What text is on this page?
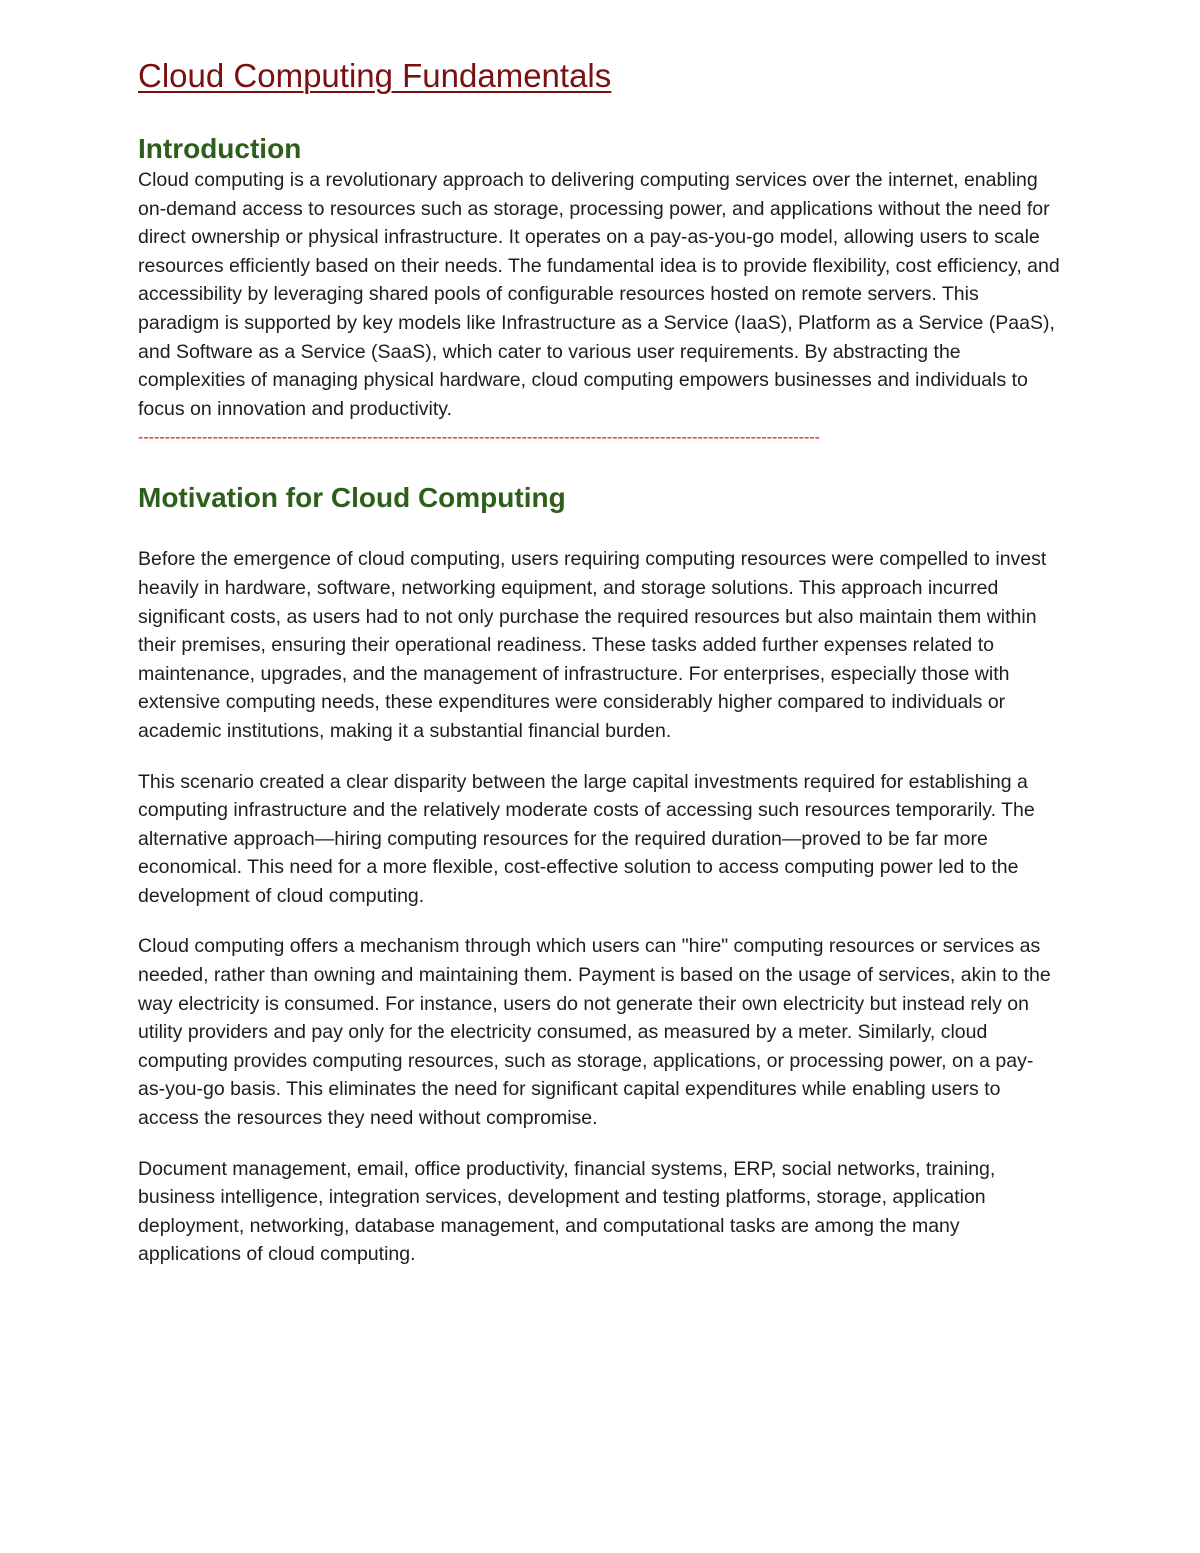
Cloud Computing Fundamentals
Introduction

Cloud computing is a revolutionary approach to delivering computing services over the internet, enabling on-demand access to resources such as storage, processing power, and applications without the need for direct ownership or physical infrastructure. It operates on a pay-as-you-go model, allowing users to scale resources efficiently based on their needs. The fundamental idea is to provide flexibility, cost efficiency, and accessibility by leveraging shared pools of configurable resources hosted on remote servers. This paradigm is supported by key models like Infrastructure as a Service (IaaS), Platform as a Service (PaaS), and Software as a Service (SaaS), which cater to various user requirements. By abstracting the complexities of managing physical hardware, cloud computing empowers businesses and individuals to focus on innovation and productivity.

--------------------------------------------------------------------------------------------------------------------------------
Motivation for Cloud Computing

Before the emergence of cloud computing, users requiring computing resources were compelled to invest heavily in hardware, software, networking equipment, and storage solutions. This approach incurred significant costs, as users had to not only purchase the required resources but also maintain them within their premises, ensuring their operational readiness. These tasks added further expenses related to maintenance, upgrades, and the management of infrastructure. For enterprises, especially those with extensive computing needs, these expenditures were considerably higher compared to individuals or academic institutions, making it a substantial financial burden.

This scenario created a clear disparity between the large capital investments required for establishing a computing infrastructure and the relatively moderate costs of accessing such resources temporarily. The alternative approach—hiring computing resources for the required duration—proved to be far more economical. This need for a more flexible, cost-effective solution to access computing power led to the development of cloud computing.

Cloud computing offers a mechanism through which users can "hire" computing resources or services as needed, rather than owning and maintaining them. Payment is based on the usage of services, akin to the way electricity is consumed. For instance, users do not generate their own electricity but instead rely on utility providers and pay only for the electricity consumed, as measured by a meter. Similarly, cloud computing provides computing resources, such as storage, applications, or processing power, on a pay-as-you-go basis. This eliminates the need for significant capital expenditures while enabling users to access the resources they need without compromise.

Document management, email, office productivity, financial systems, ERP, social networks, training, business intelligence, integration services, development and testing platforms, storage, application deployment, networking, database management, and computational tasks are among the many applications of cloud computing.
